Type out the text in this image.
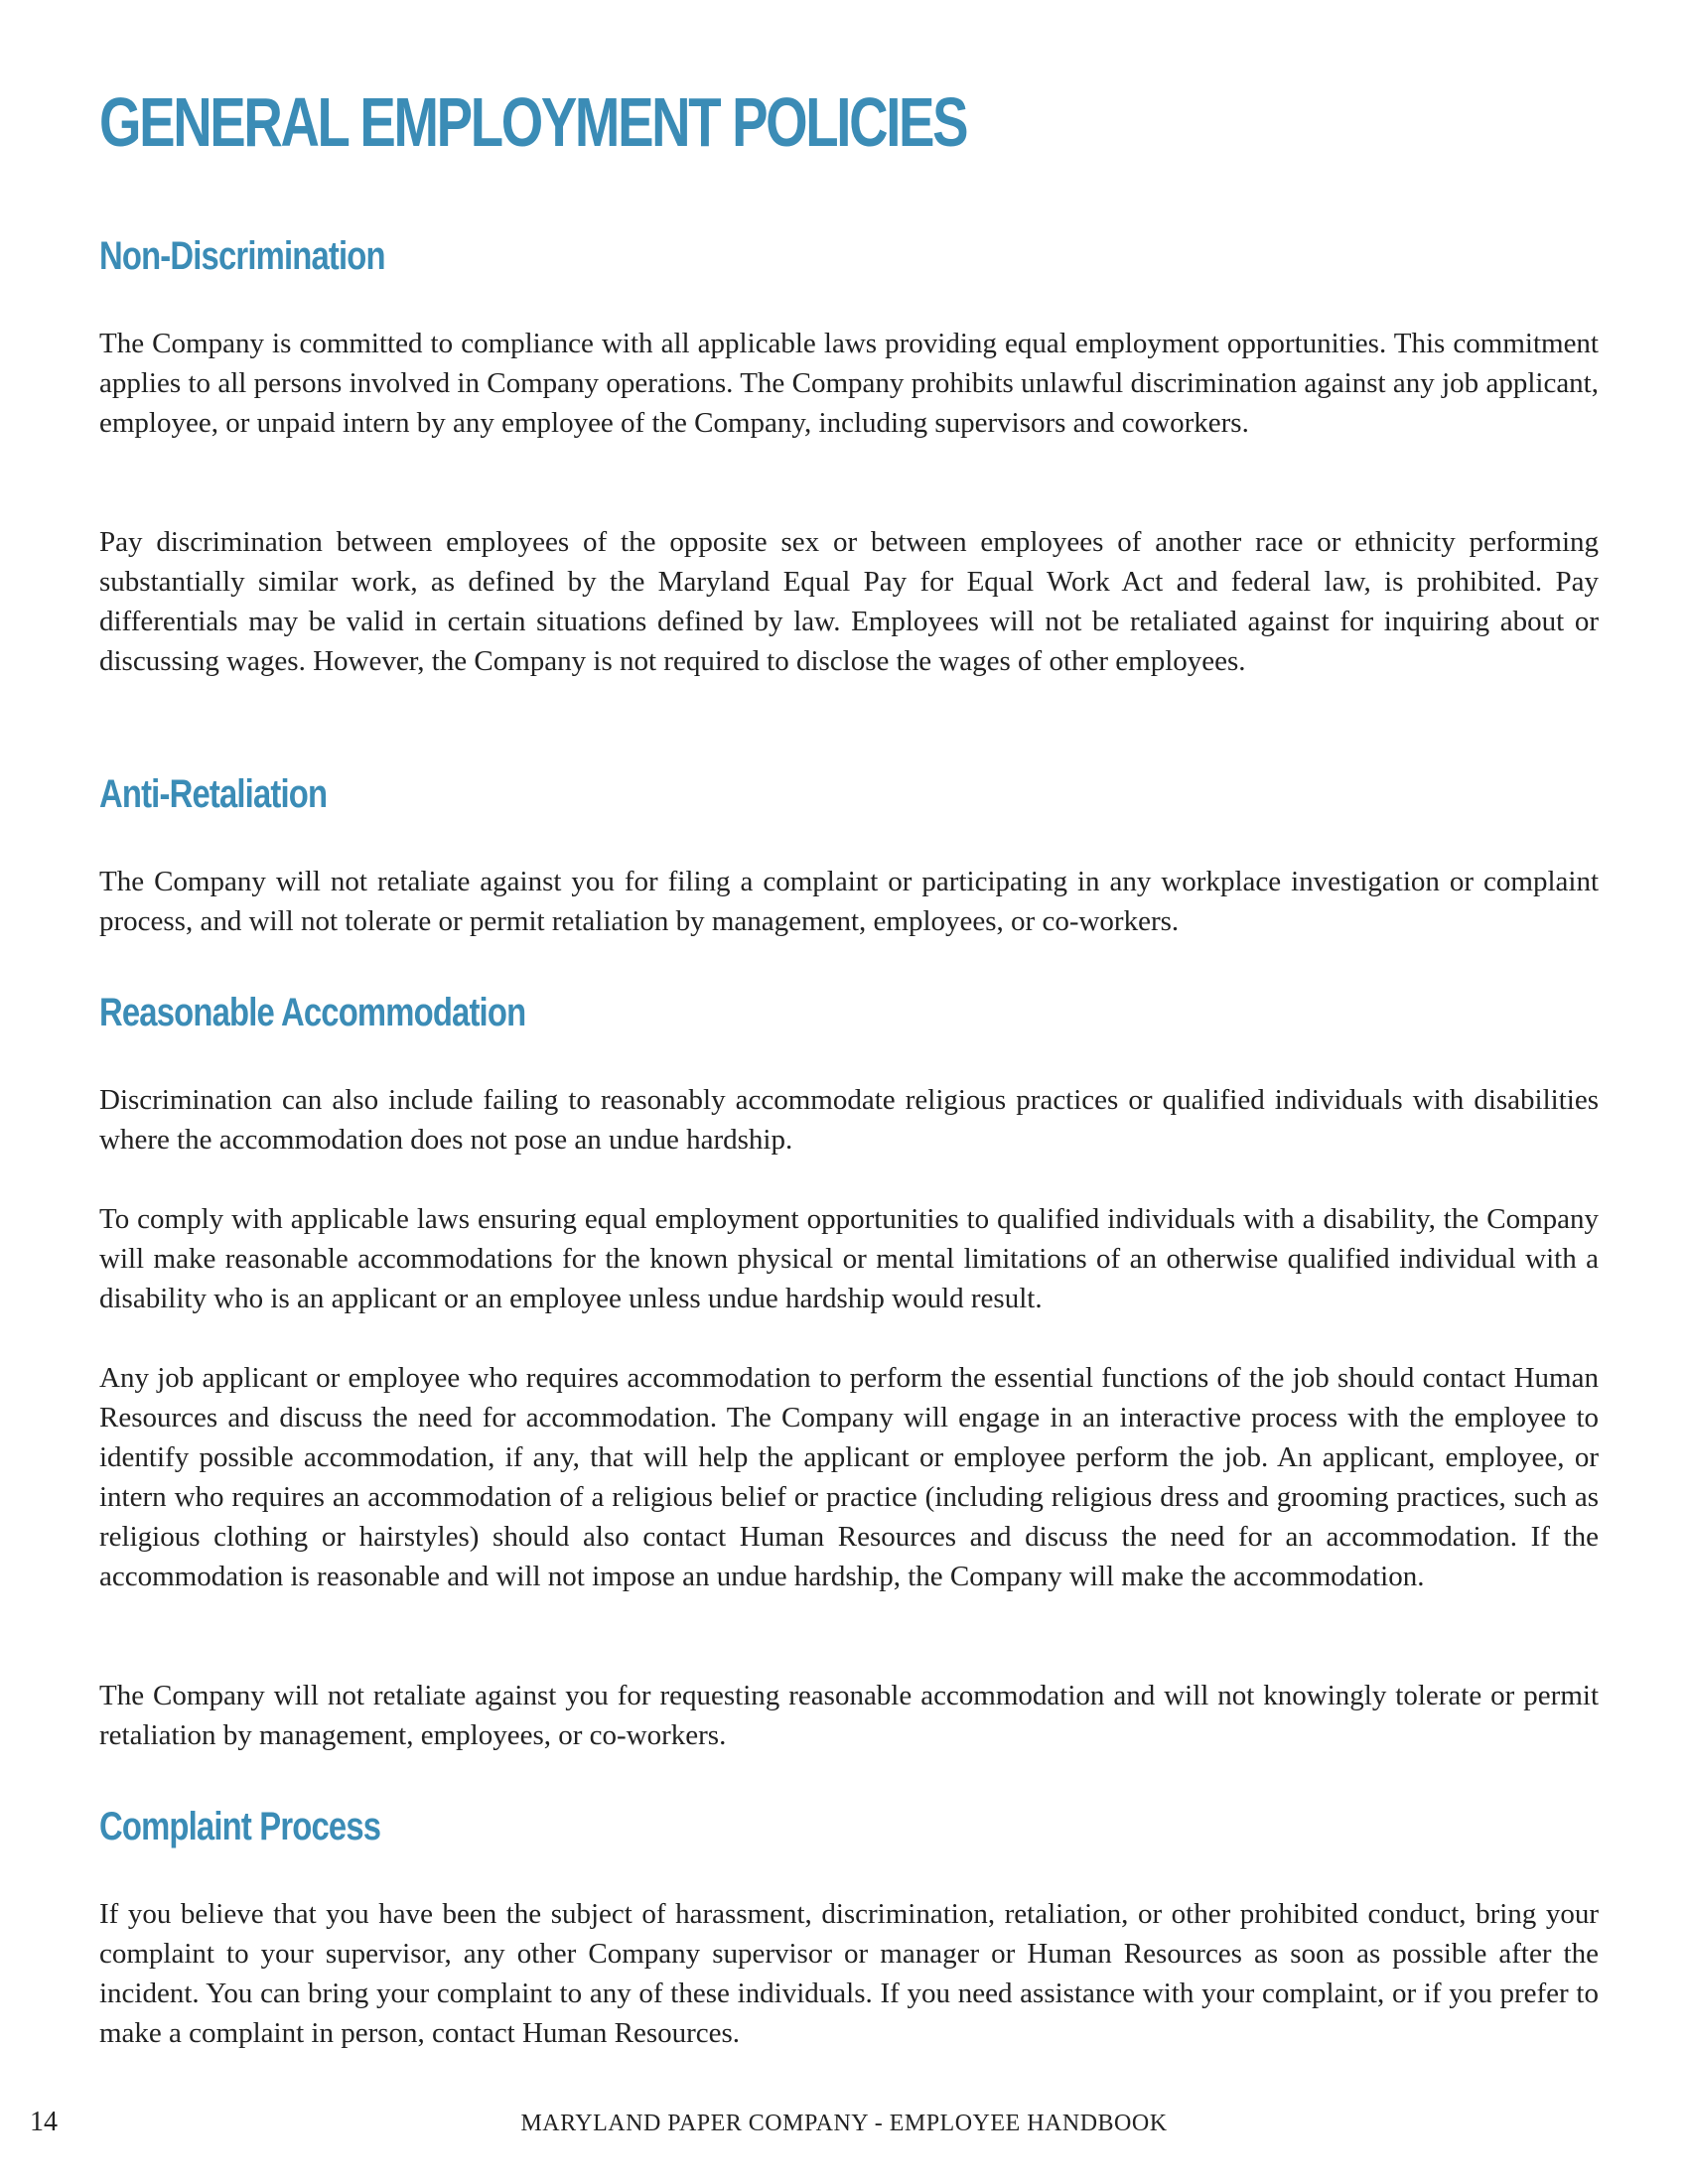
GENERAL EMPLOYMENT POLICIES
Non-Discrimination

The Company is committed to compliance with all applicable laws providing equal employment opportunities. This commitment applies to all persons involved in Company operations. The Company prohibits unlawful discrimination against any job applicant, employee, or unpaid intern by any employee of the Company, including supervisors and coworkers.

Pay discrimination between employees of the opposite sex or between employees of another race or ethnicity performing substantially similar work, as defined by the Maryland Equal Pay for Equal Work Act and federal law, is prohibited. Pay differentials may be valid in certain situations defined by law. Employees will not be retaliated against for inquiring about or discussing wages. However, the Company is not required to disclose the wages of other employees.

Anti-Retaliation

The Company will not retaliate against you for filing a complaint or participating in any workplace investigation or complaint process, and will not tolerate or permit retaliation by management, employees, or co-workers.

Reasonable Accommodation

Discrimination can also include failing to reasonably accommodate religious practices or qualified individuals with disabilities where the accommodation does not pose an undue hardship.

To comply with applicable laws ensuring equal employment opportunities to qualified individuals with a disability, the Company will make reasonable accommodations for the known physical or mental limitations of an otherwise qualified individual with a disability who is an applicant or an employee unless undue hardship would result.

Any job applicant or employee who requires accommodation to perform the essential functions of the job should contact Human Resources and discuss the need for accommodation. The Company will engage in an interactive process with the employee to identify possible accommodation, if any, that will help the applicant or employee perform the job. An applicant, employee, or intern who requires an accommodation of a religious belief or practice (including religious dress and grooming practices, such as religious clothing or hairstyles) should also contact Human Resources and discuss the need for an accommodation. If the accommodation is reasonable and will not impose an undue hardship, the Company will make the accommodation.

The Company will not retaliate against you for requesting reasonable accommodation and will not knowingly tolerate or permit retaliation by management, employees, or co-workers.

Complaint Process

If you believe that you have been the subject of harassment, discrimination, retaliation, or other prohibited conduct, bring your complaint to your supervisor, any other Company supervisor or manager or Human Resources as soon as possible after the incident. You can bring your complaint to any of these individuals. If you need assistance with your complaint, or if you prefer to make a complaint in person, contact Human Resources.

14	MARYLAND PAPER COMPANY - EMPLOYEE HANDBOOK
